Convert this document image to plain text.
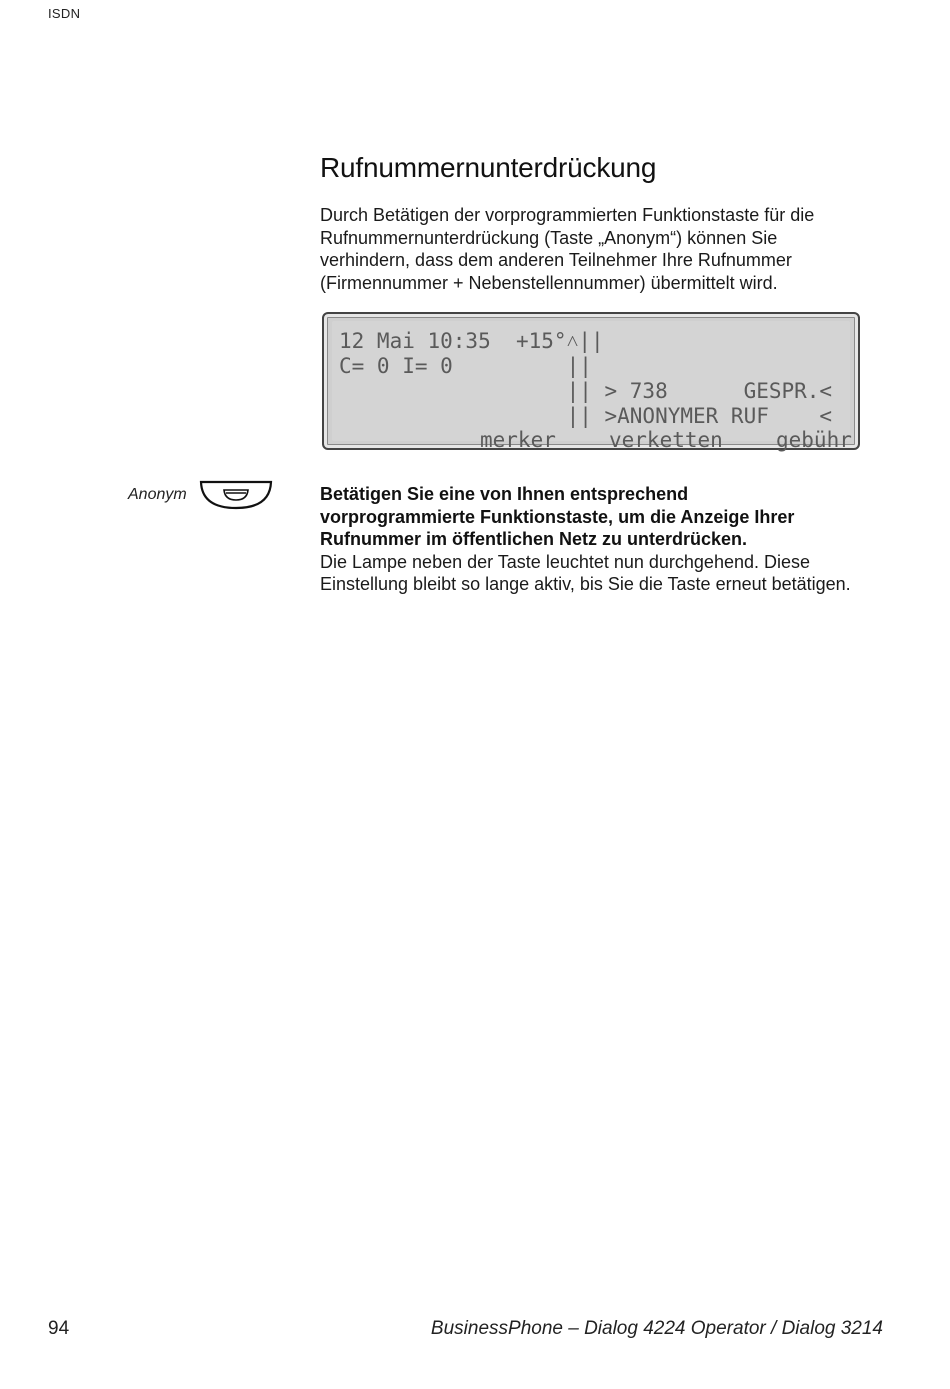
ISDN
Rufnummernunterdrückung

Durch Betätigen der vorprogrammierten Funktionstaste für die
Rufnummernunterdrückung (Taste „Anonym“) können Sie
verhindern, dass dem anderen Teilnehmer Ihre Rufnummer
(Firmennummer + Nebenstellennummer) übermittelt wird.

12 Mai 10:35  +15°˄||
C= 0 I= 0         ||
|| > 738      GESPR.<
|| >ANONYMER RUF    <
merker	verketten	gebühr
Anonym	Betätigen Sie eine von Ihnen entsprechend
vorprogrammierte Funktionstaste, um die Anzeige Ihrer
Rufnummer im öffentlichen Netz zu unterdrücken.
Die Lampe neben der Taste leuchtet nun durchgehend. Diese
Einstellung bleibt so lange aktiv, bis Sie die Taste erneut betätigen.
94	BusinessPhone – Dialog 4224 Operator / Dialog 3214
